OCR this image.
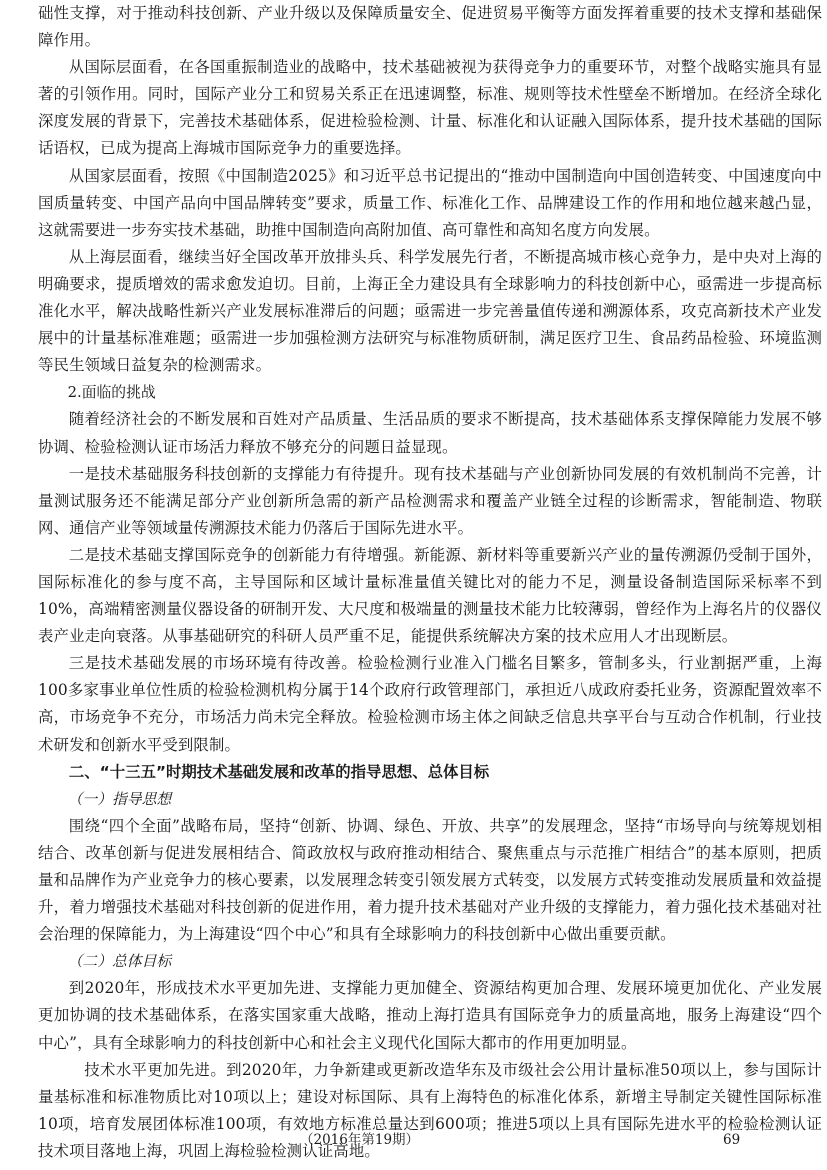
础性支撑，对于推动科技创新、产业升级以及保障质量安全、促进贸易平衡等方面发挥着重要的技术支撑和基础保障作用。

从国际层面看，在各国重振制造业的战略中，技术基础被视为获得竞争力的重要环节，对整个战略实施具有显著的引领作用。同时，国际产业分工和贸易关系正在迅速调整，标准、规则等技术性壁垒不断增加。在经济全球化深度发展的背景下，完善技术基础体系，促进检验检测、计量、标准化和认证融入国际体系，提升技术基础的国际话语权，已成为提高上海城市国际竞争力的重要选择。

从国家层面看，按照《中国制造2025》和习近平总书记提出的“推动中国制造向中国创造转变、中国速度向中国质量转变、中国产品向中国品牌转变”要求，质量工作、标准化工作、品牌建设工作的作用和地位越来越凸显，这就需要进一步夯实技术基础，助推中国制造向高附加值、高可靠性和高知名度方向发展。

从上海层面看，继续当好全国改革开放排头兵、科学发展先行者，不断提高城市核心竞争力，是中央对上海的明确要求，提质增效的需求愈发迫切。目前，上海正全力建设具有全球影响力的科技创新中心，亟需进一步提高标准化水平，解决战略性新兴产业发展标准滞后的问题；亟需进一步完善量值传递和溯源体系，攻克高新技术产业发展中的计量基标准难题；亟需进一步加强检测方法研究与标准物质研制，满足医疗卫生、食品药品检验、环境监测等民生领域日益复杂的检测需求。

2.面临的挑战

随着经济社会的不断发展和百姓对产品质量、生活品质的要求不断提高，技术基础体系支撑保障能力发展不够协调、检验检测认证市场活力释放不够充分的问题日益显现。

一是技术基础服务科技创新的支撑能力有待提升。现有技术基础与产业创新协同发展的有效机制尚不完善，计量测试服务还不能满足部分产业创新所急需的新产品检测需求和覆盖产业链全过程的诊断需求，智能制造、物联网、通信产业等领域量传溯源技术能力仍落后于国际先进水平。

二是技术基础支撑国际竞争的创新能力有待增强。新能源、新材料等重要新兴产业的量传溯源仍受制于国外，国际标准化的参与度不高，主导国际和区域计量标准量值关键比对的能力不足，测量设备制造国际采标率不到10%，高端精密测量仪器设备的研制开发、大尺度和极端量的测量技术能力比较薄弱，曾经作为上海名片的仪器仪表产业走向衰落。从事基础研究的科研人员严重不足，能提供系统解决方案的技术应用人才出现断层。

三是技术基础发展的市场环境有待改善。检验检测行业准入门槛名目繁多，管制多头，行业割据严重，上海100多家事业单位性质的检验检测机构分属于14个政府行政管理部门，承担近八成政府委托业务，资源配置效率不高，市场竞争不充分，市场活力尚未完全释放。检验检测市场主体之间缺乏信息共享平台与互动合作机制，行业技术研发和创新水平受到限制。

二、“十三五”时期技术基础发展和改革的指导思想、总体目标

（一）指导思想

围绕“四个全面”战略布局，坚持“创新、协调、绿色、开放、共享”的发展理念，坚持“市场导向与统筹规划相结合、改革创新与促进发展相结合、简政放权与政府推动相结合、聚焦重点与示范推广相结合”的基本原则，把质量和品牌作为产业竞争力的核心要素，以发展理念转变引领发展方式转变，以发展方式转变推动发展质量和效益提升，着力增强技术基础对科技创新的促进作用，着力提升技术基础对产业升级的支撑能力，着力强化技术基础对社会治理的保障能力，为上海建设“四个中心”和具有全球影响力的科技创新中心做出重要贡献。

（二）总体目标

到2020年，形成技术水平更加先进、支撑能力更加健全、资源结构更加合理、发展环境更加优化、产业发展更加协调的技术基础体系，在落实国家重大战略，推动上海打造具有国际竞争力的质量高地，服务上海建设“四个中心”，具有全球影响力的科技创新中心和社会主义现代化国际大都市的作用更加明显。

技术水平更加先进。到2020年，力争新建或更新改造华东及市级社会公用计量标准50项以上，参与国际计量基标准和标准物质比对10项以上；建设对标国际、具有上海特色的标准化体系，新增主导制定关键性国际标准10项，培育发展团体标准100项，有效地方标准总量达到600项；推进5项以上具有国际先进水平的检验检测认证技术项目落地上海，巩固上海检验检测认证高地。

（2016年第19期）	69
